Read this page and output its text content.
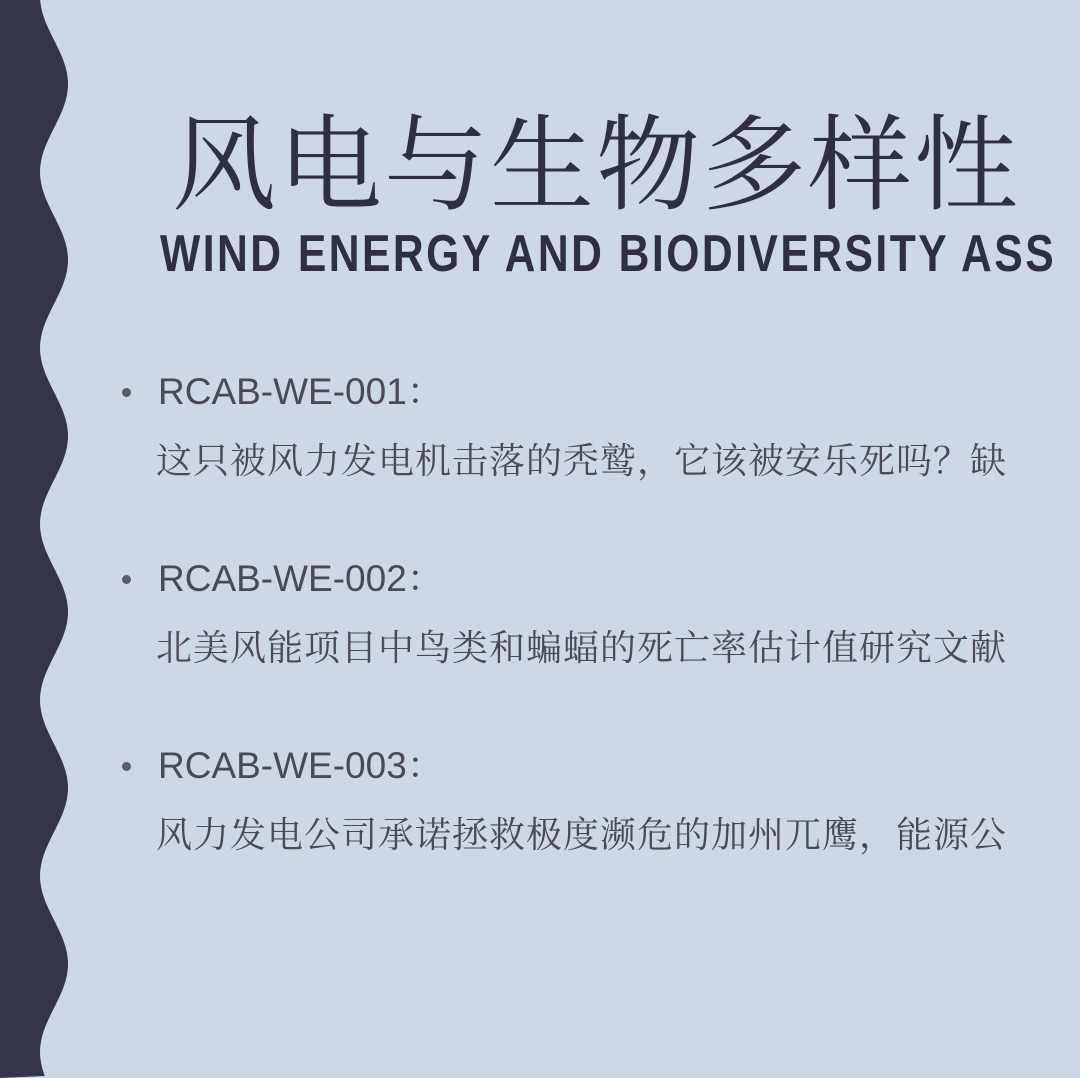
风电与生物多样性
WIND ENERGY AND BIODIVERSITY ASS
RCAB-WE-001：
这只被风力发电机击落的秃鹫，它该被安乐死吗？缺
RCAB-WE-002：
北美风能项目中鸟类和蝙蝠的死亡率估计值研究文献
RCAB-WE-003：
风力发电公司承诺拯救极度濒危的加州兀鹰，能源公
